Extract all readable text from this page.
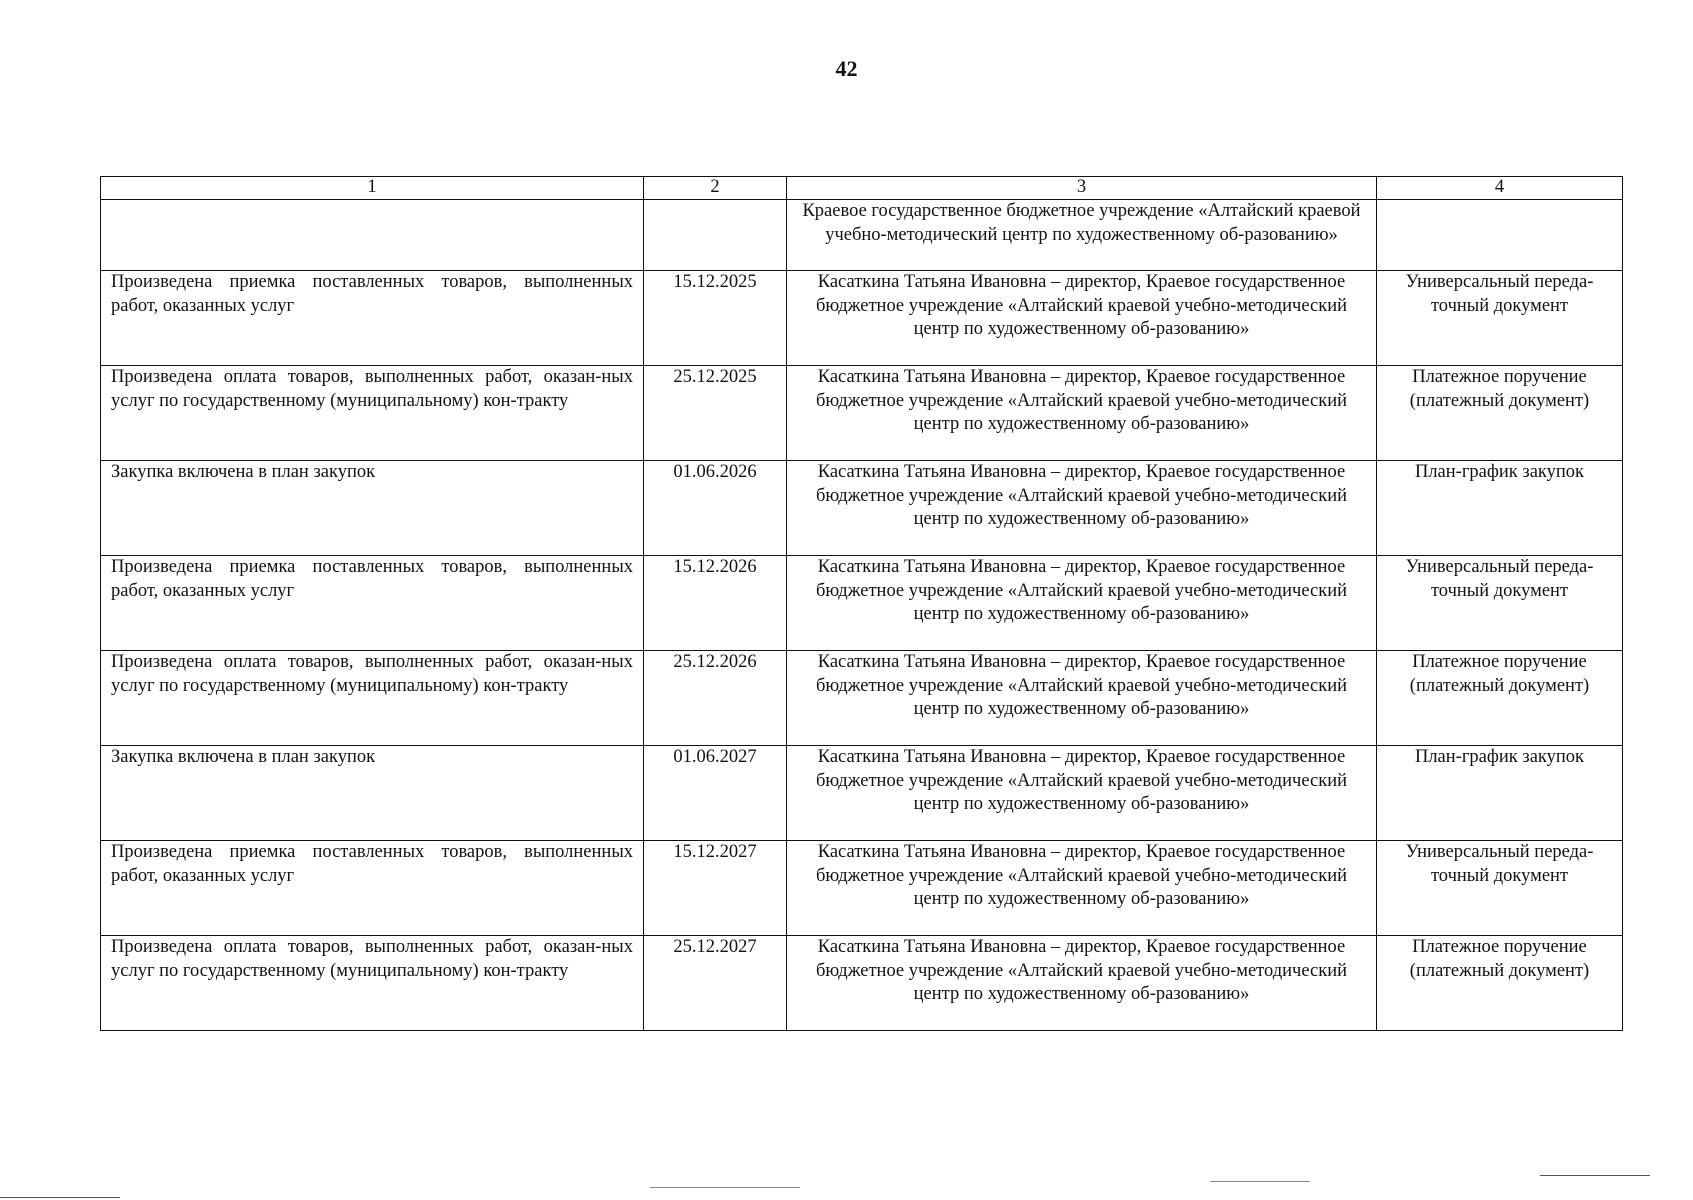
42
1	2	3	4
		Краевое государственное бюджетное учреждение «Алтайский краевой учебно-методический центр по художественному об-разованию»	
Произведена приемка поставленных товаров, выполненных работ, оказанных услуг	15.12.2025	Касаткина Татьяна Ивановна – директор, Краевое государственное бюджетное учреждение «Алтайский краевой учебно-методический центр по художественному об-разованию»	Универсальный переда-точный документ
Произведена оплата товаров, выполненных работ, оказан-ных услуг по государственному (муниципальному) кон-тракту	25.12.2025	Касаткина Татьяна Ивановна – директор, Краевое государственное бюджетное учреждение «Алтайский краевой учебно-методический центр по художественному об-разованию»	Платежное поручение (платежный документ)
Закупка включена в план закупок	01.06.2026	Касаткина Татьяна Ивановна – директор, Краевое государственное бюджетное учреждение «Алтайский краевой учебно-методический центр по художественному об-разованию»	План-график закупок
Произведена приемка поставленных товаров, выполненных работ, оказанных услуг	15.12.2026	Касаткина Татьяна Ивановна – директор, Краевое государственное бюджетное учреждение «Алтайский краевой учебно-методический центр по художественному об-разованию»	Универсальный переда-точный документ
Произведена оплата товаров, выполненных работ, оказан-ных услуг по государственному (муниципальному) кон-тракту	25.12.2026	Касаткина Татьяна Ивановна – директор, Краевое государственное бюджетное учреждение «Алтайский краевой учебно-методический центр по художественному об-разованию»	Платежное поручение (платежный документ)
Закупка включена в план закупок	01.06.2027	Касаткина Татьяна Ивановна – директор, Краевое государственное бюджетное учреждение «Алтайский краевой учебно-методический центр по художественному об-разованию»	План-график закупок
Произведена приемка поставленных товаров, выполненных работ, оказанных услуг	15.12.2027	Касаткина Татьяна Ивановна – директор, Краевое государственное бюджетное учреждение «Алтайский краевой учебно-методический центр по художественному об-разованию»	Универсальный переда-точный документ
Произведена оплата товаров, выполненных работ, оказан-ных услуг по государственному (муниципальному) кон-тракту	25.12.2027	Касаткина Татьяна Ивановна – директор, Краевое государственное бюджетное учреждение «Алтайский краевой учебно-методический центр по художественному об-разованию»	Платежное поручение (платежный документ)
